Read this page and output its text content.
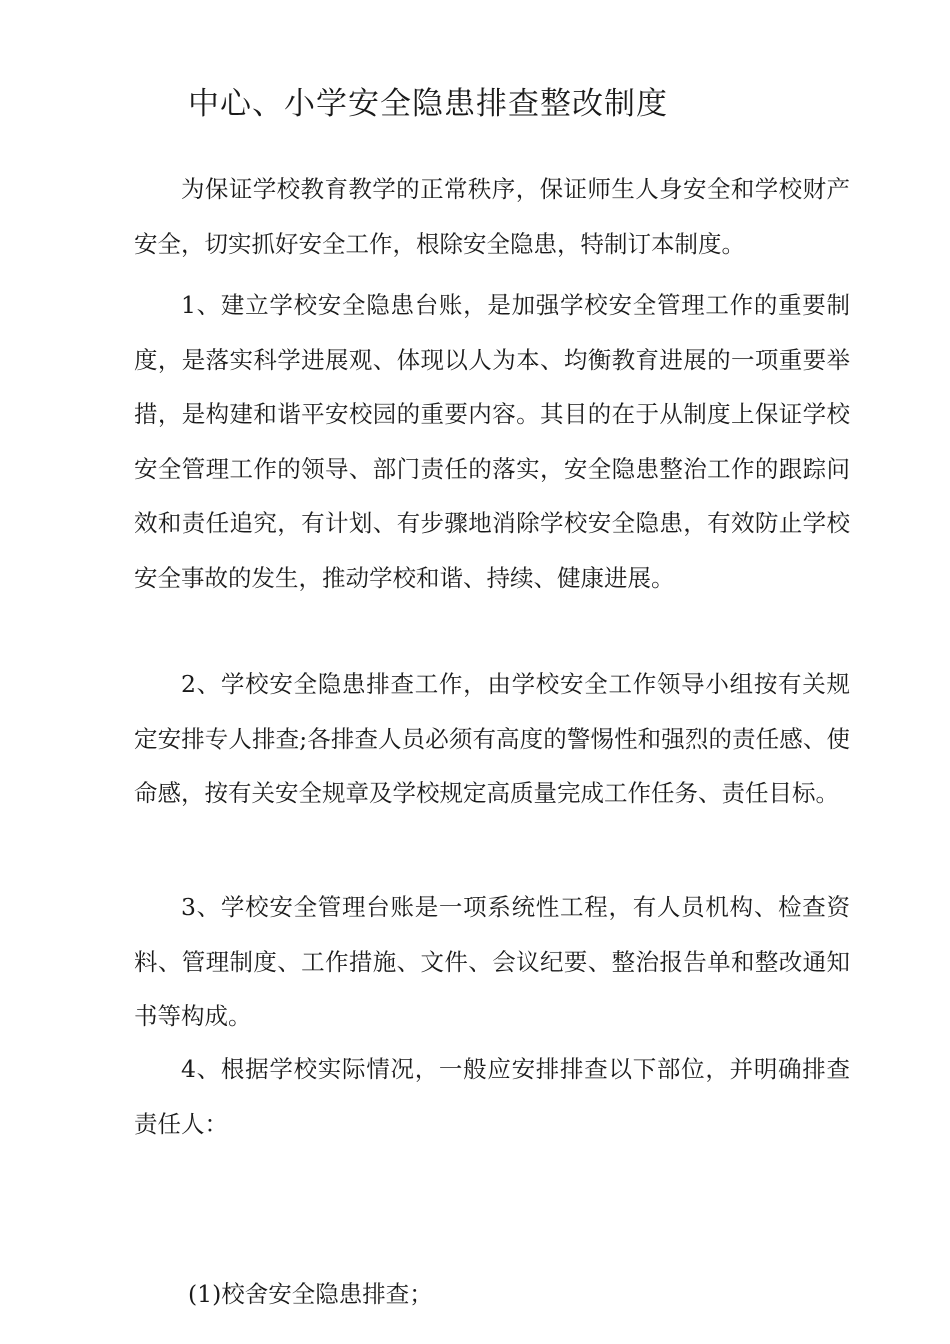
中心、小学安全隐患排查整改制度

为保证学校教育教学的正常秩序，保证师生人身安全和学校财产安全，切实抓好安全工作，根除安全隐患，特制订本制度。

1、建立学校安全隐患台账，是加强学校安全管理工作的重要制度，是落实科学进展观、体现以人为本、均衡教育进展的一项重要举措，是构建和谐平安校园的重要内容。其目的在于从制度上保证学校安全管理工作的领导、部门责任的落实，安全隐患整治工作的跟踪问效和责任追究，有计划、有步骤地消除学校安全隐患，有效防止学校安全事故的发生，推动学校和谐、持续、健康进展。

2、学校安全隐患排查工作，由学校安全工作领导小组按有关规定安排专人排查;各排查人员必须有高度的警惕性和强烈的责任感、使命感，按有关安全规章及学校规定高质量完成工作任务、责任目标。

3、学校安全管理台账是一项系统性工程，有人员机构、检查资料、管理制度、工作措施、文件、会议纪要、整治报告单和整改通知书等构成。

4、根据学校实际情况，一般应安排排查以下部位，并明确排查责任人：

(1)校舍安全隐患排查；
